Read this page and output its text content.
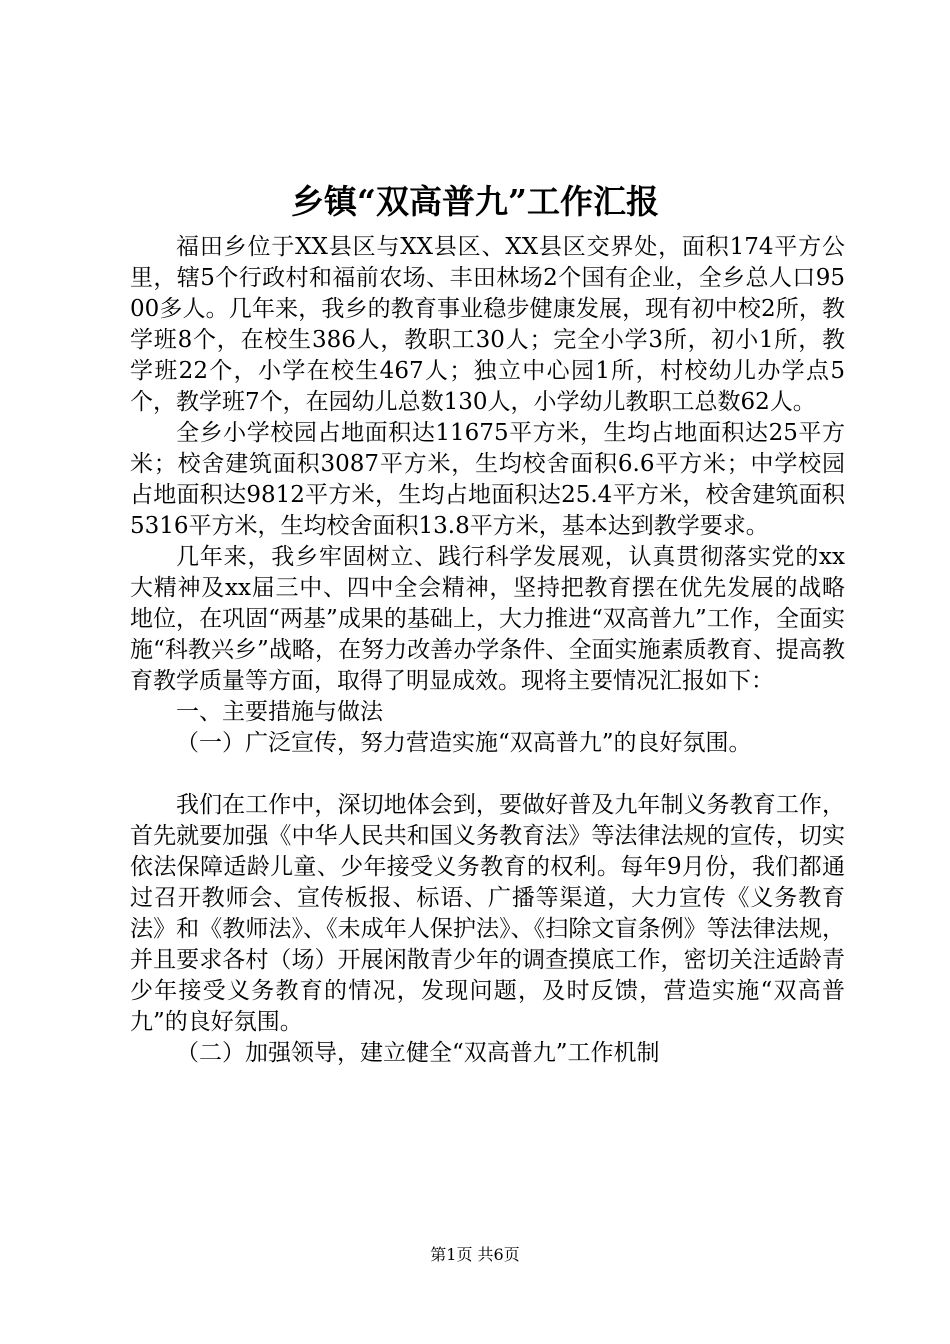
乡镇“双高普九”工作汇报

福田乡位于XX县区与XX县区、XX县区交界处，面积174平方公里，辖5个行政村和福前农场、丰田林场2个国有企业，全乡总人口9500多人。几年来，我乡的教育事业稳步健康发展，现有初中校2所，教学班8个，在校生386人，教职工30人；完全小学3所，初小1所，教学班22个，小学在校生467人；独立中心园1所，村校幼儿办学点5个，教学班7个，在园幼儿总数130人，小学幼儿教职工总数62人。

全乡小学校园占地面积达11675平方米，生均占地面积达25平方米；校舍建筑面积3087平方米，生均校舍面积6.6平方米；中学校园占地面积达9812平方米，生均占地面积达25.4平方米，校舍建筑面积5316平方米，生均校舍面积13.8平方米，基本达到教学要求。

几年来，我乡牢固树立、践行科学发展观，认真贯彻落实党的xx大精神及xx届三中、四中全会精神，坚持把教育摆在优先发展的战略地位，在巩固“两基”成果的基础上，大力推进“双高普九”工作，全面实施“科教兴乡”战略，在努力改善办学条件、全面实施素质教育、提高教育教学质量等方面，取得了明显成效。现将主要情况汇报如下：

一、主要措施与做法

（一）广泛宣传，努力营造实施“双高普九”的良好氛围。

我们在工作中，深切地体会到，要做好普及九年制义务教育工作，首先就要加强《中华人民共和国义务教育法》等法律法规的宣传，切实依法保障适龄儿童、少年接受义务教育的权利。每年9月份，我们都通过召开教师会、宣传板报、标语、广播等渠道，大力宣传《义务教育法》和《教师法》、《未成年人保护法》、《扫除文盲条例》等法律法规，并且要求各村（场）开展闲散青少年的调查摸底工作，密切关注适龄青少年接受义务教育的情况，发现问题，及时反馈，营造实施“双高普九”的良好氛围。

（二）加强领导，建立健全“双高普九”工作机制

第1页 共6页
